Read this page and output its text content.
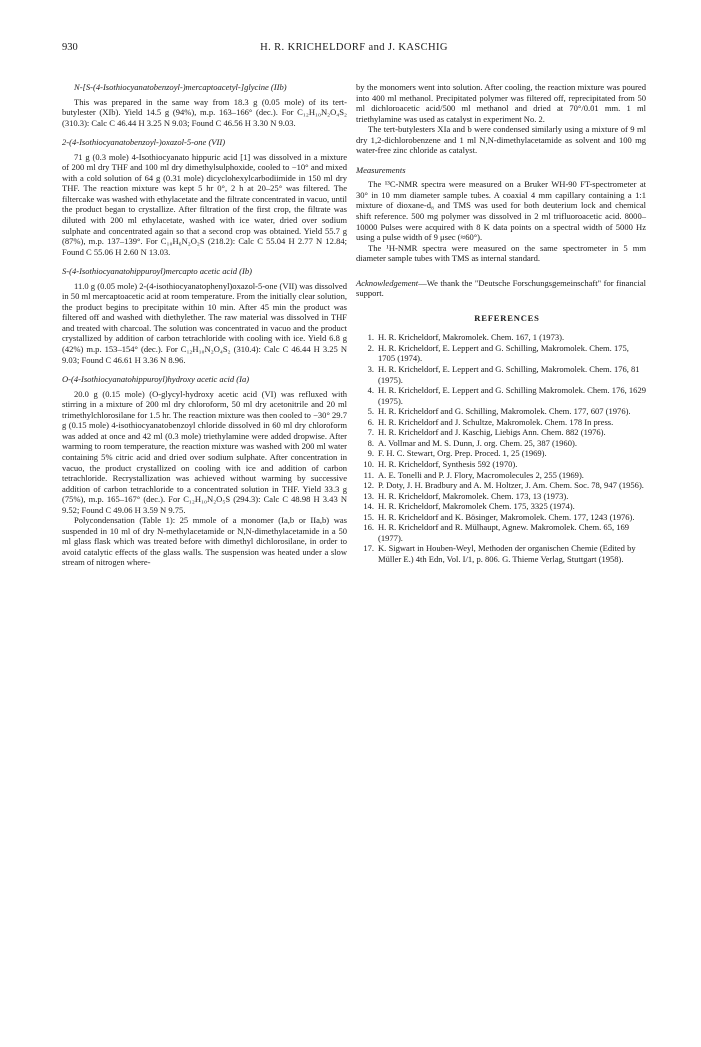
930	H. R. KRICHELDORF and J. KASCHIG

N-[S-(4-Isothiocyanatobenzoyl-)mercaptoacetyl-]glycine (IIb)

This was prepared in the same way from 18.3 g (0.05 mole) of its tert-butylester (XIb). Yield 14.5 g (94%), m.p. 163–166° (dec.). For C₁₂H₁₀N₂O₄S₂ (310.3): Calc C 46.44 H 3.25 N 9.03; Found C 46.56 H 3.30 N 9.03.

2-(4-Isothiocyanatobenzoyl-)oxazol-5-one (VII)

71 g (0.3 mole) 4-Isothiocyanato hippuric acid [1] was dissolved in a mixture of 200 ml dry THF and 100 ml dry dimethylsulphoxide, cooled to −10° and mixed with a cold solution of 64 g (0.31 mole) dicyclohexylcarbodiimide in 150 ml dry THF. The reaction mixture was kept 5 hr 0°, 2 h at 20–25° was filtered. The filtercake was washed with ethylacetate and the filtrate concentrated in vacuo, until the product began to crystallize. After filtration of the first crop, the filtrate was diluted with 200 ml ethylacetate, washed with ice water, dried over sodium sulphate and concentrated again so that a second crop was obtained. Yield 55.7 g (87%), m.p. 137–139°. For C₁₀H₆N₂O₂S (218.2): Calc C 55.04 H 2.77 N 12.84; Found C 55.06 H 2.60 N 13.03.

S-(4-Isothiocyanatohippuroyl)mercapto acetic acid (Ib)

11.0 g (0.05 mole) 2-(4-isothiocyanatophenyl)oxazol-5-one (VII) was dissolved in 50 ml mercaptoacetic acid at room temperature. From the initially clear solution, the product begins to precipitate within 10 min. After 45 min the product was filtered off and washed with diethylether. The raw material was dissolved in THF and treated with charcoal. The solution was concentrated in vacuo and the product crystallized by addition of carbon tetrachloride with cooling with ice. Yield 6.8 g (42%) m.p. 153–154° (dec.). For C₁₂H₁₀N₂O₄S₂ (310.4): Calc C 46.44 H 3.25 N 9.03; Found C 46.61 H 3.36 N 8.96.

O-(4-Isothiocyanatohippuroyl)hydroxy acetic acid (Ia)

20.0 g (0.15 mole) (O-glycyl-hydroxy acetic acid (VI) was refluxed with stirring in a mixture of 200 ml dry chloroform, 50 ml dry acetonitrile and 20 ml trimethylchlorosilane for 1.5 hr. The reaction mixture was then cooled to −30° 29.7 g (0.15 mole) 4-isothiocyanatobenzoyl chloride dissolved in 60 ml dry chloroform was added at once and 42 ml (0.3 mole) triethylamine were added dropwise. After warming to room temperature, the reaction mixture was washed with 200 ml water containing 5% citric acid and dried over sodium sulphate. After concentration in vacuo, the product crystallized on cooling with ice and addition of carbon tetrachloride. Recrystallization was achieved without warming by successive addition of carbon tetrachloride to a concentrated solution in THF. Yield 33.3 g (75%), m.p. 165–167° (dec.). For C₁₂H₁₀N₂O₅S (294.3): Calc C 48.98 H 3.43 N 9.52; Found C 49.06 H 3.59 N 9.75.

Polycondensation (Table 1): 25 mmole of a monomer (Ia,b or IIa,b) was suspended in 10 ml of dry N-methylacetamide or N,N-dimethylacetamide in a 50 ml glass flask which was treated before with dimethyl dichlorosilane, in order to avoid catalytic effects of the glass walls. The suspension was heated under a slow stream of nitrogen where-

by the monomers went into solution. After cooling, the reaction mixture was poured into 400 ml methanol. Precipitated polymer was filtered off, reprecipitated from 50 ml dichloroacetic acid/500 ml methanol and dried at 70°/0.01 mm. 1 ml triethylamine was used as catalyst in experiment No. 2.

The tert-butylesters XIa and b were condensed similarly using a mixture of 9 ml dry 1,2-dichlorobenzene and 1 ml N,N-dimethylacetamide as solvent and 100 mg water-free zinc chloride as catalyst.

Measurements

The ¹³C-NMR spectra were measured on a Bruker WH-90 FT-spectrometer at 30° in 10 mm diameter sample tubes. A coaxial 4 mm capillary containing a 1:1 mixture of dioxane-d₈ and TMS was used for both deuterium lock and chemical shift reference. 500 mg polymer was dissolved in 2 ml trifluoroacetic acid. 8000–10000 Pulses were acquired with 8 K data points on a spectral width of 5000 Hz using a pulse width of 9 μsec (≈60°).

The ¹H-NMR spectra were measured on the same spectrometer in 5 mm diameter sample tubes with TMS as internal standard.

Acknowledgement—We thank the "Deutsche Forschungsgemeinschaft" for financial support.

REFERENCES

1. H. R. Kricheldorf, Makromolek. Chem. 167, 1 (1973).
2. H. R. Kricheldorf, E. Leppert and G. Schilling, Makromolek. Chem. 175, 1705 (1974).
3. H. R. Kricheldorf, E. Leppert and G. Schilling, Makromolek. Chem. 176, 81 (1975).
4. H. R. Kricheldorf, E. Leppert and G. Schilling Makromolek. Chem. 176, 1629 (1975).
5. H. R. Kricheldorf and G. Schilling, Makromolek. Chem. 177, 607 (1976).
6. H. R. Kricheldorf and J. Schultze, Makromolek. Chem. 178 In press.
7. H. R. Kricheldorf and J. Kaschig, Liebigs Ann. Chem. 882 (1976).
8. A. Vollmar and M. S. Dunn, J. org. Chem. 25, 387 (1960).
9. F. H. C. Stewart, Org. Prep. Proced. 1, 25 (1969).
10. H. R. Kricheldorf, Synthesis 592 (1970).
11. A. E. Tonelli and P. J. Flory, Macromolecules 2, 255 (1969).
12. P. Doty, J. H. Bradbury and A. M. Holtzer, J. Am. Chem. Soc. 78, 947 (1956).
13. H. R. Kricheldorf, Makromolek. Chem. 173, 13 (1973).
14. H. R. Kricheldorf, Makromolek Chem. 175, 3325 (1974).
15. H. R. Kricheldorf and K. Bösinger, Makromolek. Chem. 177, 1243 (1976).
16. H. R. Kricheldorf and R. Mülhaupt, Agnew. Makromolek. Chem. 65, 169 (1977).
17. K. Sigwart in Houben-Weyl, Methoden der organischen Chemie (Edited by Müller E.) 4th Edn, Vol. I/1, p. 806. G. Thieme Verlag, Stuttgart (1958).
